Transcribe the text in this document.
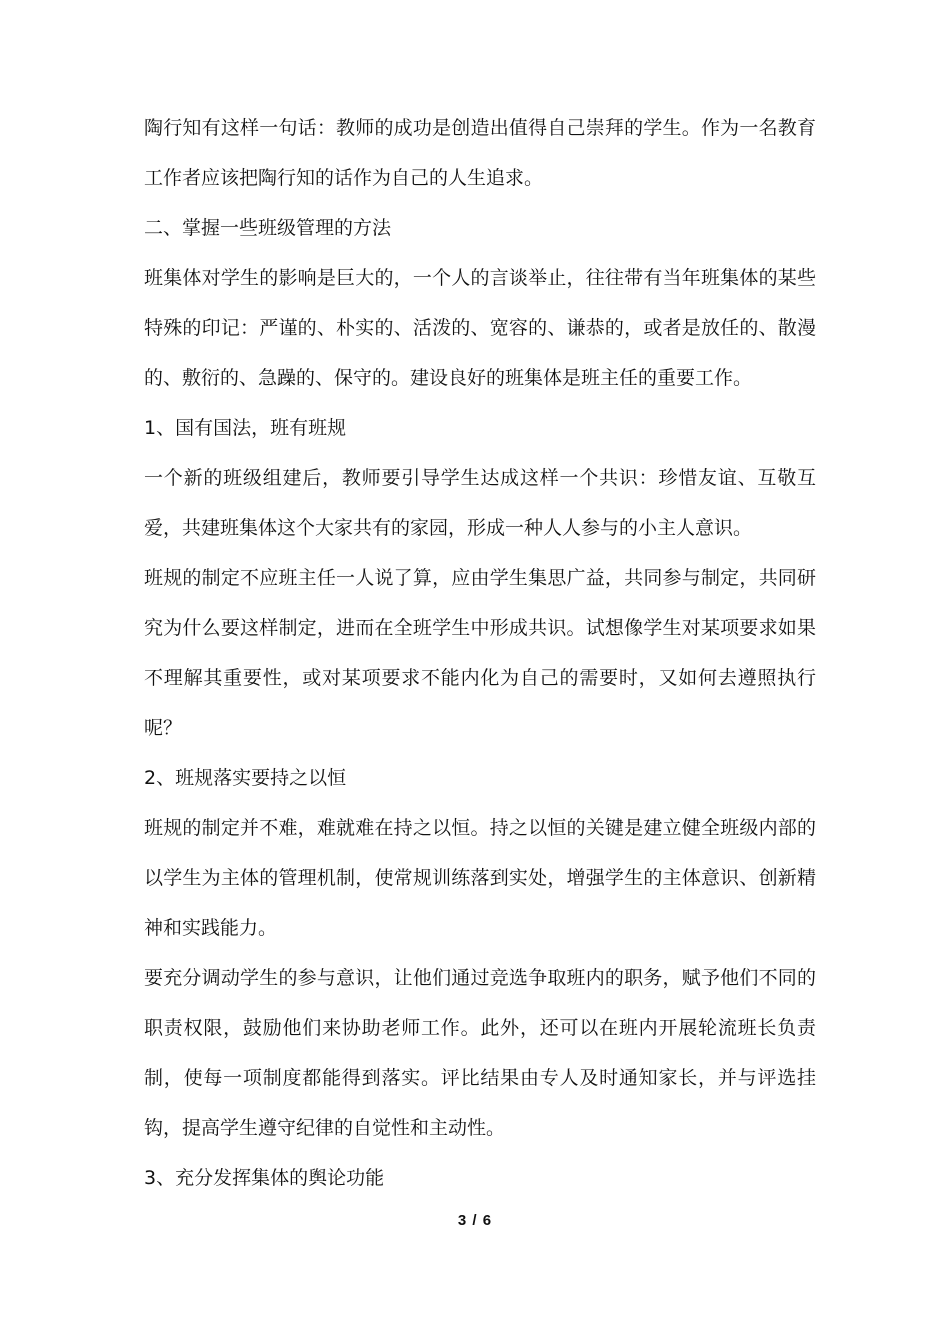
陶行知有这样一句话：教师的成功是创造出值得自己崇拜的学生。作为一名教育工作者应该把陶行知的话作为自己的人生追求。

二、掌握一些班级管理的方法

班集体对学生的影响是巨大的，一个人的言谈举止，往往带有当年班集体的某些特殊的印记：严谨的、朴实的、活泼的、宽容的、谦恭的，或者是放任的、散漫的、敷衍的、急躁的、保守的。建设良好的班集体是班主任的重要工作。

1、国有国法，班有班规

一个新的班级组建后，教师要引导学生达成这样一个共识：珍惜友谊、互敬互爱，共建班集体这个大家共有的家园，形成一种人人参与的小主人意识。

班规的制定不应班主任一人说了算，应由学生集思广益，共同参与制定，共同研究为什么要这样制定，进而在全班学生中形成共识。试想像学生对某项要求如果不理解其重要性，或对某项要求不能内化为自己的需要时，又如何去遵照执行呢？

2、班规落实要持之以恒

班规的制定并不难，难就难在持之以恒。持之以恒的关键是建立健全班级内部的以学生为主体的管理机制，使常规训练落到实处，增强学生的主体意识、创新精神和实践能力。

要充分调动学生的参与意识，让他们通过竞选争取班内的职务，赋予他们不同的职责权限，鼓励他们来协助老师工作。此外，还可以在班内开展轮流班长负责制，使每一项制度都能得到落实。评比结果由专人及时通知家长，并与评选挂钩，提高学生遵守纪律的自觉性和主动性。

3、充分发挥集体的舆论功能

3 / 6
